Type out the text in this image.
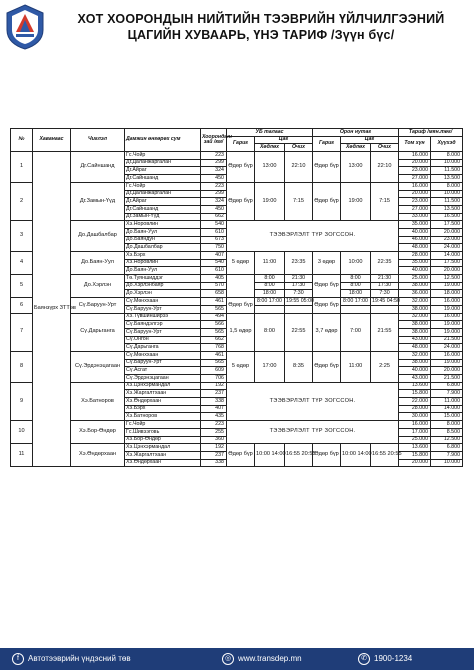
ХОТ ХООРОНДЫН НИЙТИЙН ТЭЭВРИЙН ҮЙЛЧИЛГЭЭНИЙ
ЦАГИЙН ХУВААРЬ, ҮНЭ ТАРИФ /Зүүн бүс/
№	Хаванаас	Чиглэл	Дамжин өнгөрөх сум	Хоорондын зай /км/	УБ талаас			Орон нутаг			Тариф /мян.төг/	
					Гариг	Цаг		Гариг	Цаг		Том хүн	Хүүхэд
						Хөдлөх	Очих		Хөдлөх	Очих		
1	Баянзүрх ЗТТөв	Дг.Сайншанд	Гс.Чойр	223	Өдөр бүр	13:00	22:10	Өдөр бүр	13:00	22:10	16.000	8.000
			Дг.Даланжаргалан	299							20.000	10.000
			Дг.Айраг	324							23.000	11.500
			Дг.Сайншанд	450							27.000	13.500
2		Дг.Замын-Үүд	Гс.Чойр	223	Өдөр бүр	19:00	7:15	Өдөр бүр	19:00	7:15	16.000	8.000
			Дг.Даланжаргалан	299							20.000	10.000
			Дг.Айраг	324							23.000	11.500
			Дг.Сайншанд	450							27.000	13.500
			Дг.Замын-Үүд	662							33.000	16.500
3		До.Дашбалбар	Хэ.Норовлин	540	ТЭЭВЭРЛЭЛТ ТҮР ЗОГССОН.						35.000	17.500
			До.Баян-Уул	610							40.000	20.000
			До.Баяндун	673							46.000	23.000
			До.Дашбалбар	750							48.000	24.000
4		До.Баян-Уул	Хэ.Бэрх	407	5 өдөр	11:00	23:35	3 өдөр	10:00	22:35	28.000	14.000
			Хэ.Норовлин	540							35.000	17.500
			До.Баян-Уул	610							40.000	20.000
5		До.Хэрлэн	Тө.Туяншиддэг	405		8:00	21:30	Өдөр бүр	8:00	21:30	25.000	12.500
			До.Хэрлэнбаяр	570		8:00	17:30		8:00	17:30	38.000	19.000
			До.Хэрлэн	658		18:00	7:30		18:00	7:30	36.000	18.000
6		Сү.Баруун-Урт	Сү.Мөнххаан	461	Өдөр бүр	8:00 17:00	19:55 05:00	Өдөр бүр	8:00 17:00	19:45 04:50	32.000	16.000
			Сү.Баруун-Урт	565							38.000	19.000
7		Сү.Дарьганга	Хэ.Түвшинширээ	494	1,5 өдөр	8:00	22:55	3,7 өдөр	7:00	21:55	32.000	16.000
			Сү.Баяндэлгэр	566							38.000	19.000
			Сү.Баруун-Урт	565							38.000	19.000
			Сү.Онгон	662							43.000	21.500
			Сү.Дарьганга	768							48.000	24.000
8		Сү.Эрдэнэцагаан	Сү.Мөнххаан	461	5 өдөр	17:00	8:35	Өдөр бүр	11:00	2:25	32.000	16.000
			Сү.Баруун-Урт	565							38.000	19.000
			Сү.Асгат	609							40.000	20.000
			Сү.Эрдэнэцагаан	706							43.000	21.500
9		Хэ.Батноров	Хэ.Цэнхэрмандал	192	ТЭЭВЭРЛЭЛТ ТҮР ЗОГССОН.						13.600	6.800
			Хэ.Жаргалтхаан	237							15.800	7.900
			Хэ.Өндөрхаан	338							22.000	11.000
			Хэ.Бэрх	407							28.000	14.000
			Хэ.Батноров	435							30.000	15.000
10		Хэ.Бор-Өндөр	Гс.Чойр	223	ТЭЭВЭРЛЭЛТ ТҮР ЗОГССОН.						16.000	8.000
			Гс.Шивээговь	255							17.000	8.500
			Хэ.Бор-Өндөр	360							25.000	12.500
11		Хэ.Өндөрхаан	Хэ.Цэнхэрмандал	192	Өдөр бүр	10:00 14:00	16:55 20:55	Өдөр бүр	10:00 14:00	16:55 20:55	13.600	6.800
			Хэ.Жаргалтхаан	237							15.800	7.900
			Хэ.Өндөрхаан	338							20.000	10.000
f	Автотээврийн үндэсний төв	◎ www.transdep.mn	✆ 1900-1234
